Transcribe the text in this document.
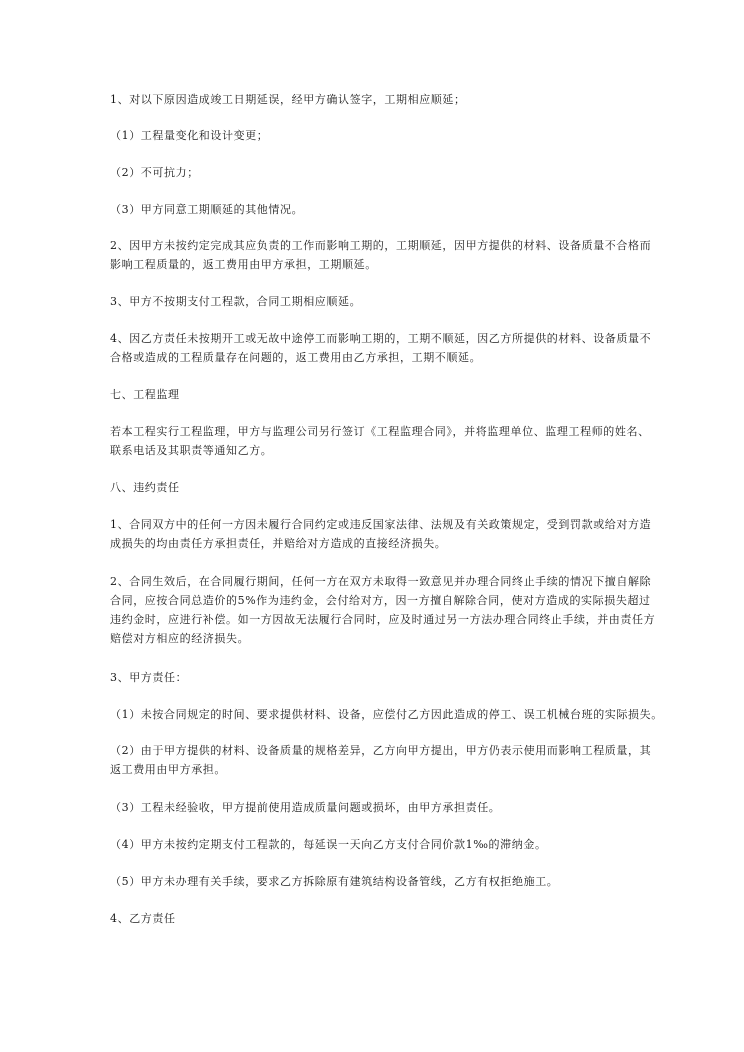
1、对以下原因造成竣工日期延误，经甲方确认签字，工期相应顺延；
（1）工程量变化和设计变更；
（2）不可抗力；
（3）甲方同意工期顺延的其他情况。
2、因甲方未按约定完成其应负责的工作而影响工期的，工期顺延，因甲方提供的材料、设备质量不合格而
影响工程质量的，返工费用由甲方承担，工期顺延。
3、甲方不按期支付工程款，合同工期相应顺延。
4、因乙方责任未按期开工或无故中途停工而影响工期的，工期不顺延，因乙方所提供的材料、设备质量不
合格或造成的工程质量存在问题的，返工费用由乙方承担，工期不顺延。
七、工程监理
若本工程实行工程监理，甲方与监理公司另行签订《工程监理合同》，并将监理单位、监理工程师的姓名、
联系电话及其职责等通知乙方。
八、违约责任
1、合同双方中的任何一方因未履行合同约定或违反国家法律、法规及有关政策规定，受到罚款或给对方造
成损失的均由责任方承担责任，并赔给对方造成的直接经济损失。
2、合同生效后，在合同履行期间，任何一方在双方未取得一致意见并办理合同终止手续的情况下擅自解除
合同，应按合同总造价的5%作为违约金，会付给对方，因一方擅自解除合同，使对方造成的实际损失超过
违约金时，应进行补偿。如一方因故无法履行合同时，应及时通过另一方法办理合同终止手续，并由责任方
赔偿对方相应的经济损失。
3、甲方责任：
（1）未按合同规定的时间、要求提供材料、设备，应偿付乙方因此造成的停工、误工机械台班的实际损失。
（2）由于甲方提供的材料、设备质量的规格差异，乙方向甲方提出，甲方仍表示使用而影响工程质量，其
返工费用由甲方承担。
（3）工程未经验收，甲方提前使用造成质量问题或损坏，由甲方承担责任。
（4）甲方未按约定期支付工程款的，每延误一天向乙方支付合同价款1‰的滞纳金。
（5）甲方未办理有关手续，要求乙方拆除原有建筑结构设备管线，乙方有权拒绝施工。
4、乙方责任
